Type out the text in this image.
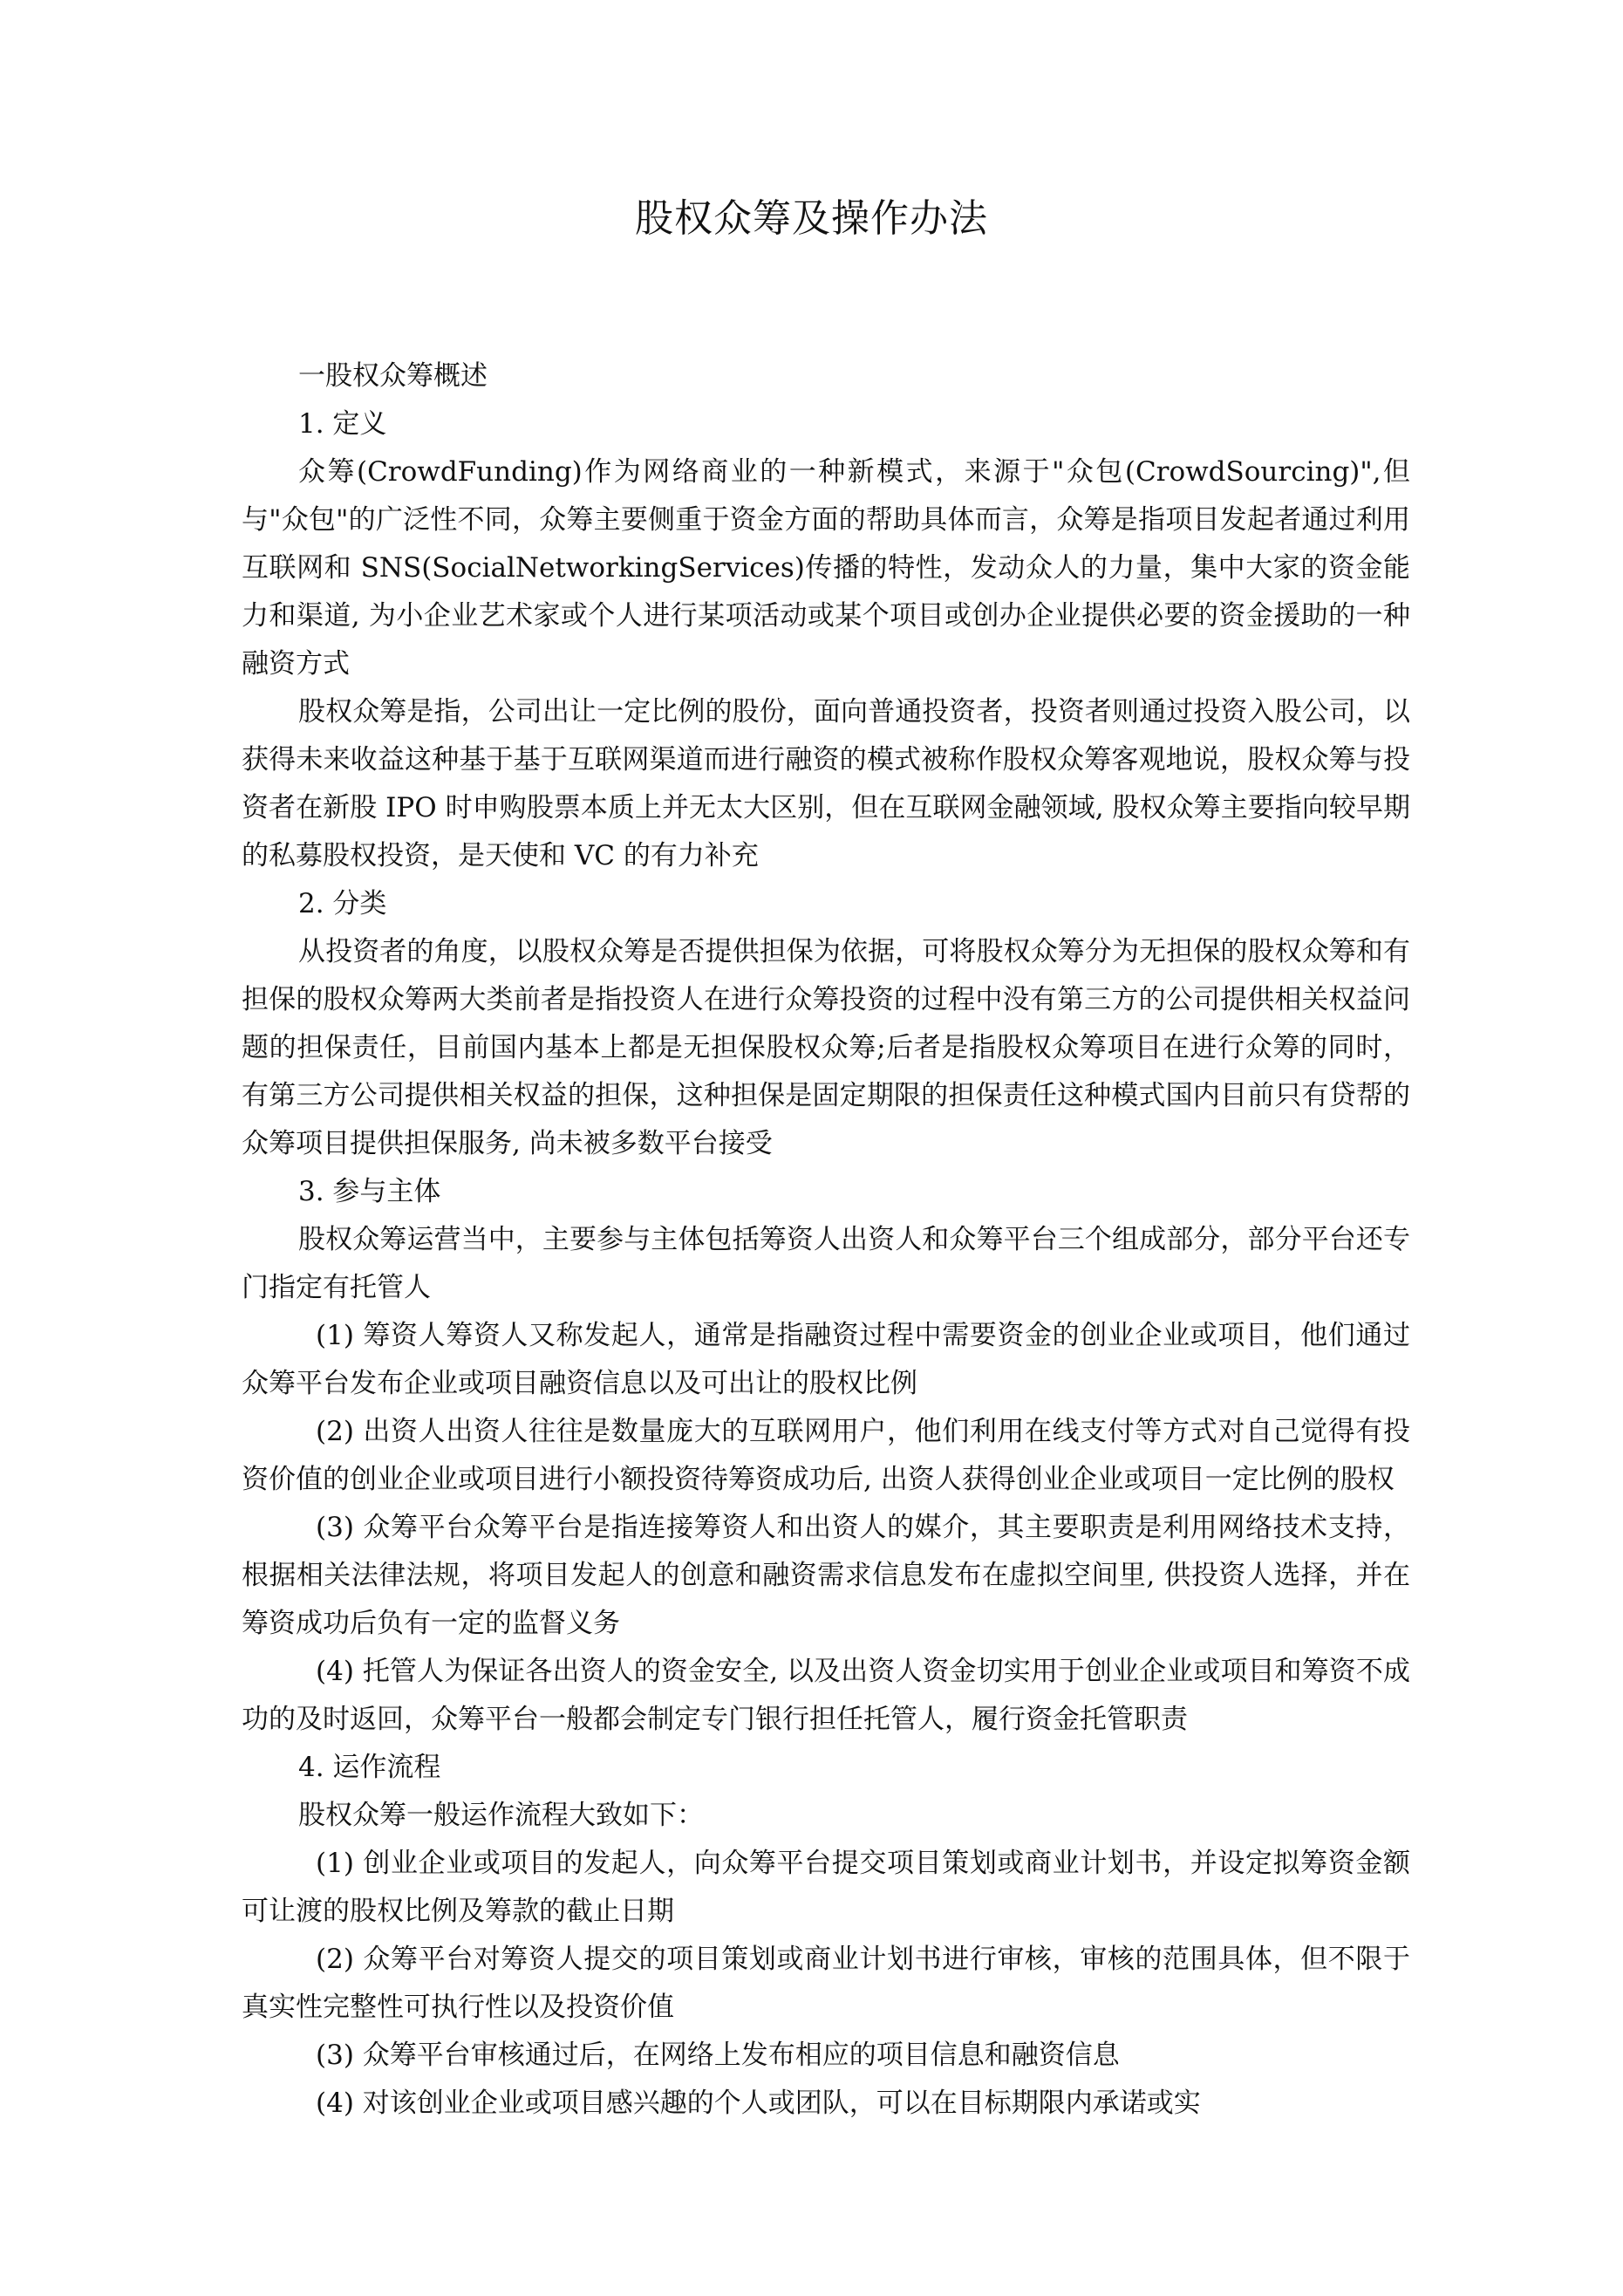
股权众筹及操作办法

一股权众筹概述

1. 定义

众筹(CrowdFunding)作为网络商业的一种新模式，来源于"众包(CrowdSourcing)",但与"众包"的广泛性不同，众筹主要侧重于资金方面的帮助具体而言，众筹是指项目发起者通过利用互联网和 SNS(SocialNetworkingServices)传播的特性，发动众人的力量，集中大家的资金能力和渠道, 为小企业艺术家或个人进行某项活动或某个项目或创办企业提供必要的资金援助的一种融资方式

股权众筹是指，公司出让一定比例的股份，面向普通投资者，投资者则通过投资入股公司，以获得未来收益这种基于基于互联网渠道而进行融资的模式被称作股权众筹客观地说，股权众筹与投资者在新股 IPO 时申购股票本质上并无太大区别，但在互联网金融领域, 股权众筹主要指向较早期的私募股权投资，是天使和 VC 的有力补充

2. 分类

从投资者的角度，以股权众筹是否提供担保为依据，可将股权众筹分为无担保的股权众筹和有担保的股权众筹两大类前者是指投资人在进行众筹投资的过程中没有第三方的公司提供相关权益问题的担保责任，目前国内基本上都是无担保股权众筹;后者是指股权众筹项目在进行众筹的同时，有第三方公司提供相关权益的担保，这种担保是固定期限的担保责任这种模式国内目前只有贷帮的众筹项目提供担保服务, 尚未被多数平台接受

3. 参与主体

股权众筹运营当中，主要参与主体包括筹资人出资人和众筹平台三个组成部分，部分平台还专门指定有托管人

(1) 筹资人筹资人又称发起人，通常是指融资过程中需要资金的创业企业或项目，他们通过众筹平台发布企业或项目融资信息以及可出让的股权比例

(2) 出资人出资人往往是数量庞大的互联网用户，他们利用在线支付等方式对自己觉得有投资价值的创业企业或项目进行小额投资待筹资成功后, 出资人获得创业企业或项目一定比例的股权

(3) 众筹平台众筹平台是指连接筹资人和出资人的媒介，其主要职责是利用网络技术支持，根据相关法律法规，将项目发起人的创意和融资需求信息发布在虚拟空间里, 供投资人选择，并在筹资成功后负有一定的监督义务

(4) 托管人为保证各出资人的资金安全, 以及出资人资金切实用于创业企业或项目和筹资不成功的及时返回，众筹平台一般都会制定专门银行担任托管人，履行资金托管职责

4. 运作流程

股权众筹一般运作流程大致如下：

(1) 创业企业或项目的发起人，向众筹平台提交项目策划或商业计划书，并设定拟筹资金额可让渡的股权比例及筹款的截止日期

(2) 众筹平台对筹资人提交的项目策划或商业计划书进行审核，审核的范围具体，但不限于真实性完整性可执行性以及投资价值

(3) 众筹平台审核通过后，在网络上发布相应的项目信息和融资信息

(4) 对该创业企业或项目感兴趣的个人或团队，可以在目标期限内承诺或实
